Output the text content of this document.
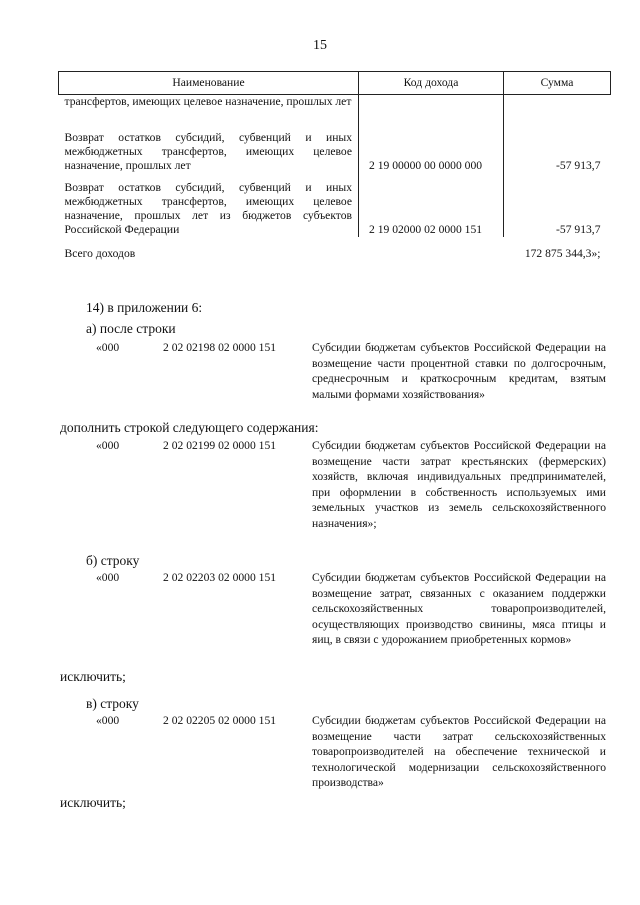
15
Наименование	Код дохода	Сумма
трансфертов, имеющих целевое назначение, прошлых лет		
Возврат остатков субсидий, субвенций и иных межбюджетных трансфертов, имеющих целевое назначение, прошлых лет	2 19 00000 00 0000 000	-57 913,7
Возврат остатков субсидий, субвенций и иных межбюджетных трансфертов, имеющих целевое назначение, прошлых лет из бюджетов субъектов Российской Федерации	2 19 02000 02 0000 151	-57 913,7
Всего доходов		172 875 344,3»;
14) в приложении 6:
а) после строки
«000	2 02 02198 02 0000 151	Субсидии бюджетам субъектов Российской Федерации на возмещение части процентной ставки по долгосрочным, среднесрочным и краткосрочным кредитам, взятым малыми формами хозяйствования»
дополнить строкой следующего содержания:
«000	2 02 02199 02 0000 151	Субсидии бюджетам субъектов Российской Федерации на возмещение части затрат крестьянских (фермерских) хозяйств, включая индивидуальных предпринимателей, при оформлении в собственность используемых ими земельных участков из земель сельскохозяйственного назначения»;
б) строку
«000	2 02 02203 02 0000 151	Субсидии бюджетам субъектов Российской Федерации на возмещение затрат, связанных с оказанием поддержки сельскохозяйственных товаропроизводителей, осуществляющих производство свинины, мяса птицы и яиц, в связи с удорожанием приобретенных кормов»
исключить;
в) строку
«000	2 02 02205 02 0000 151	Субсидии бюджетам субъектов Российской Федерации на возмещение части затрат сельскохозяйственных товаропроизводителей на обеспечение технической и технологической модернизации сельскохозяйственного производства»
исключить;
